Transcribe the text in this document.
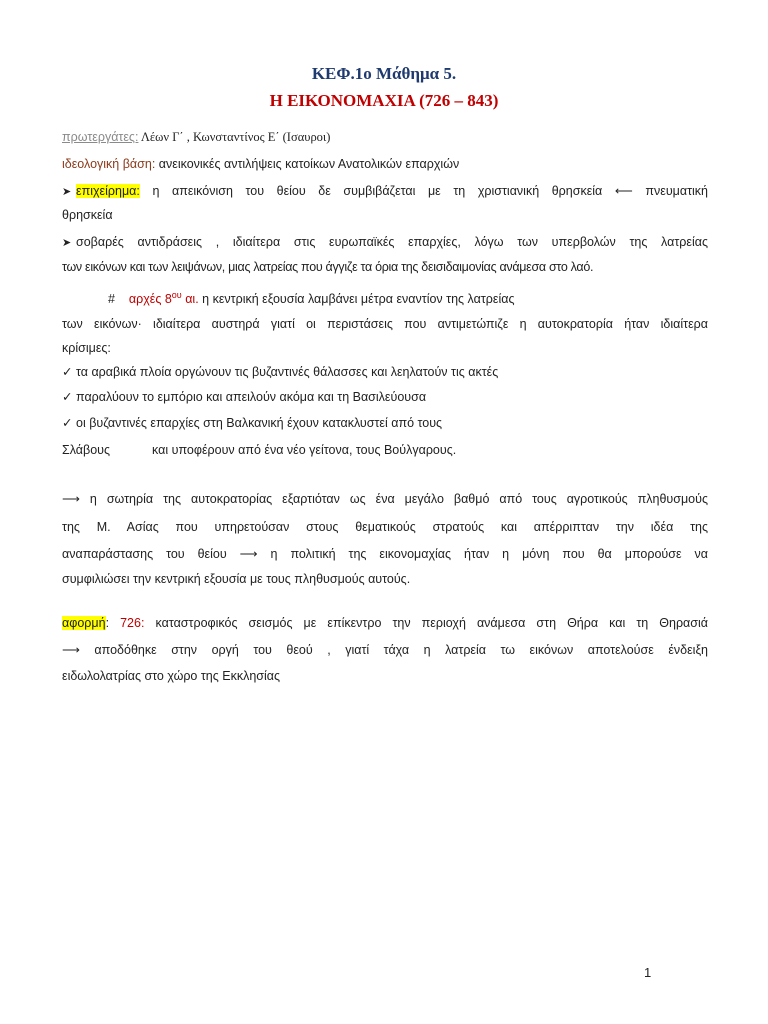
ΚΕΦ.1ο Μάθημα 5.
Η ΕΙΚΟΝΟΜΑΧΙΑ (726 – 843)
πρωτεργάτες: Λέων Γ΄ , Κωνσταντίνος Ε΄ (Ισαυροι)
ιδεολογική βάση: ανεικονικές αντιλήψεις κατοίκων Ανατολικών επαρχιών
➤ επιχείρημα: η απεικόνιση του θείου δε συμβιβάζεται με τη χριστιανική θρησκεία ⟵ πνευματική
θρησκεία
➤ σοβαρές αντιδράσεις , ιδιαίτερα στις ευρωπαϊκές επαρχίες, λόγω των υπερβολών της λατρείας
των εικόνων και των λειψάνων, μιας λατρείας που άγγιζε τα όρια της δεισιδαιμονίας ανάμεσα στο λαό.
# αρχές $8^{o\upsilon}$ αι. η κεντρική εξουσία λαμβάνει μέτρα εναντίον της λατρείας
των εικόνων· ιδιαίτερα αυστηρά γιατί οι περιστάσεις που αντιμετώπιζε η αυτοκρατορία ήταν ιδιαίτερα
κρίσιμες:
✓ τα αραβικά πλοία οργώνουν τις βυζαντινές θάλασσες και λεηλατούν τις ακτές
✓ παραλύουν το εμπόριο και απειλούν ακόμα και τη Βασιλεύουσα
✓ οι βυζαντινές επαρχίες στη Βαλκανική έχουν κατακλυστεί από τους
Σλάβους	και υποφέρουν από ένα νέο γείτονα, τους Βούλγαρους.
⟶ η σωτηρία της αυτοκρατορίας εξαρτιόταν ως ένα μεγάλο βαθμό από τους αγροτικούς πληθυσμούς
της Μ. Ασίας που υπηρετούσαν στους θεματικούς στρατούς και απέρριπταν την ιδέα της
αναπαράστασης του θείου ⟶ η πολιτική της εικονομαχίας ήταν η μόνη που θα μπορούσε να
συμφιλιώσει την κεντρική εξουσία με τους πληθυσμούς αυτούς.
αφορμή: 726: καταστροφικός σεισμός με επίκεντρο την περιοχή ανάμεσα στη Θήρα και τη Θηρασιά
⟶ αποδόθηκε στην οργή του θεού , γιατί τάχα η λατρεία τω εικόνων αποτελούσε ένδειξη
ειδωλολατρίας στο χώρο της Εκκλησίας
1
